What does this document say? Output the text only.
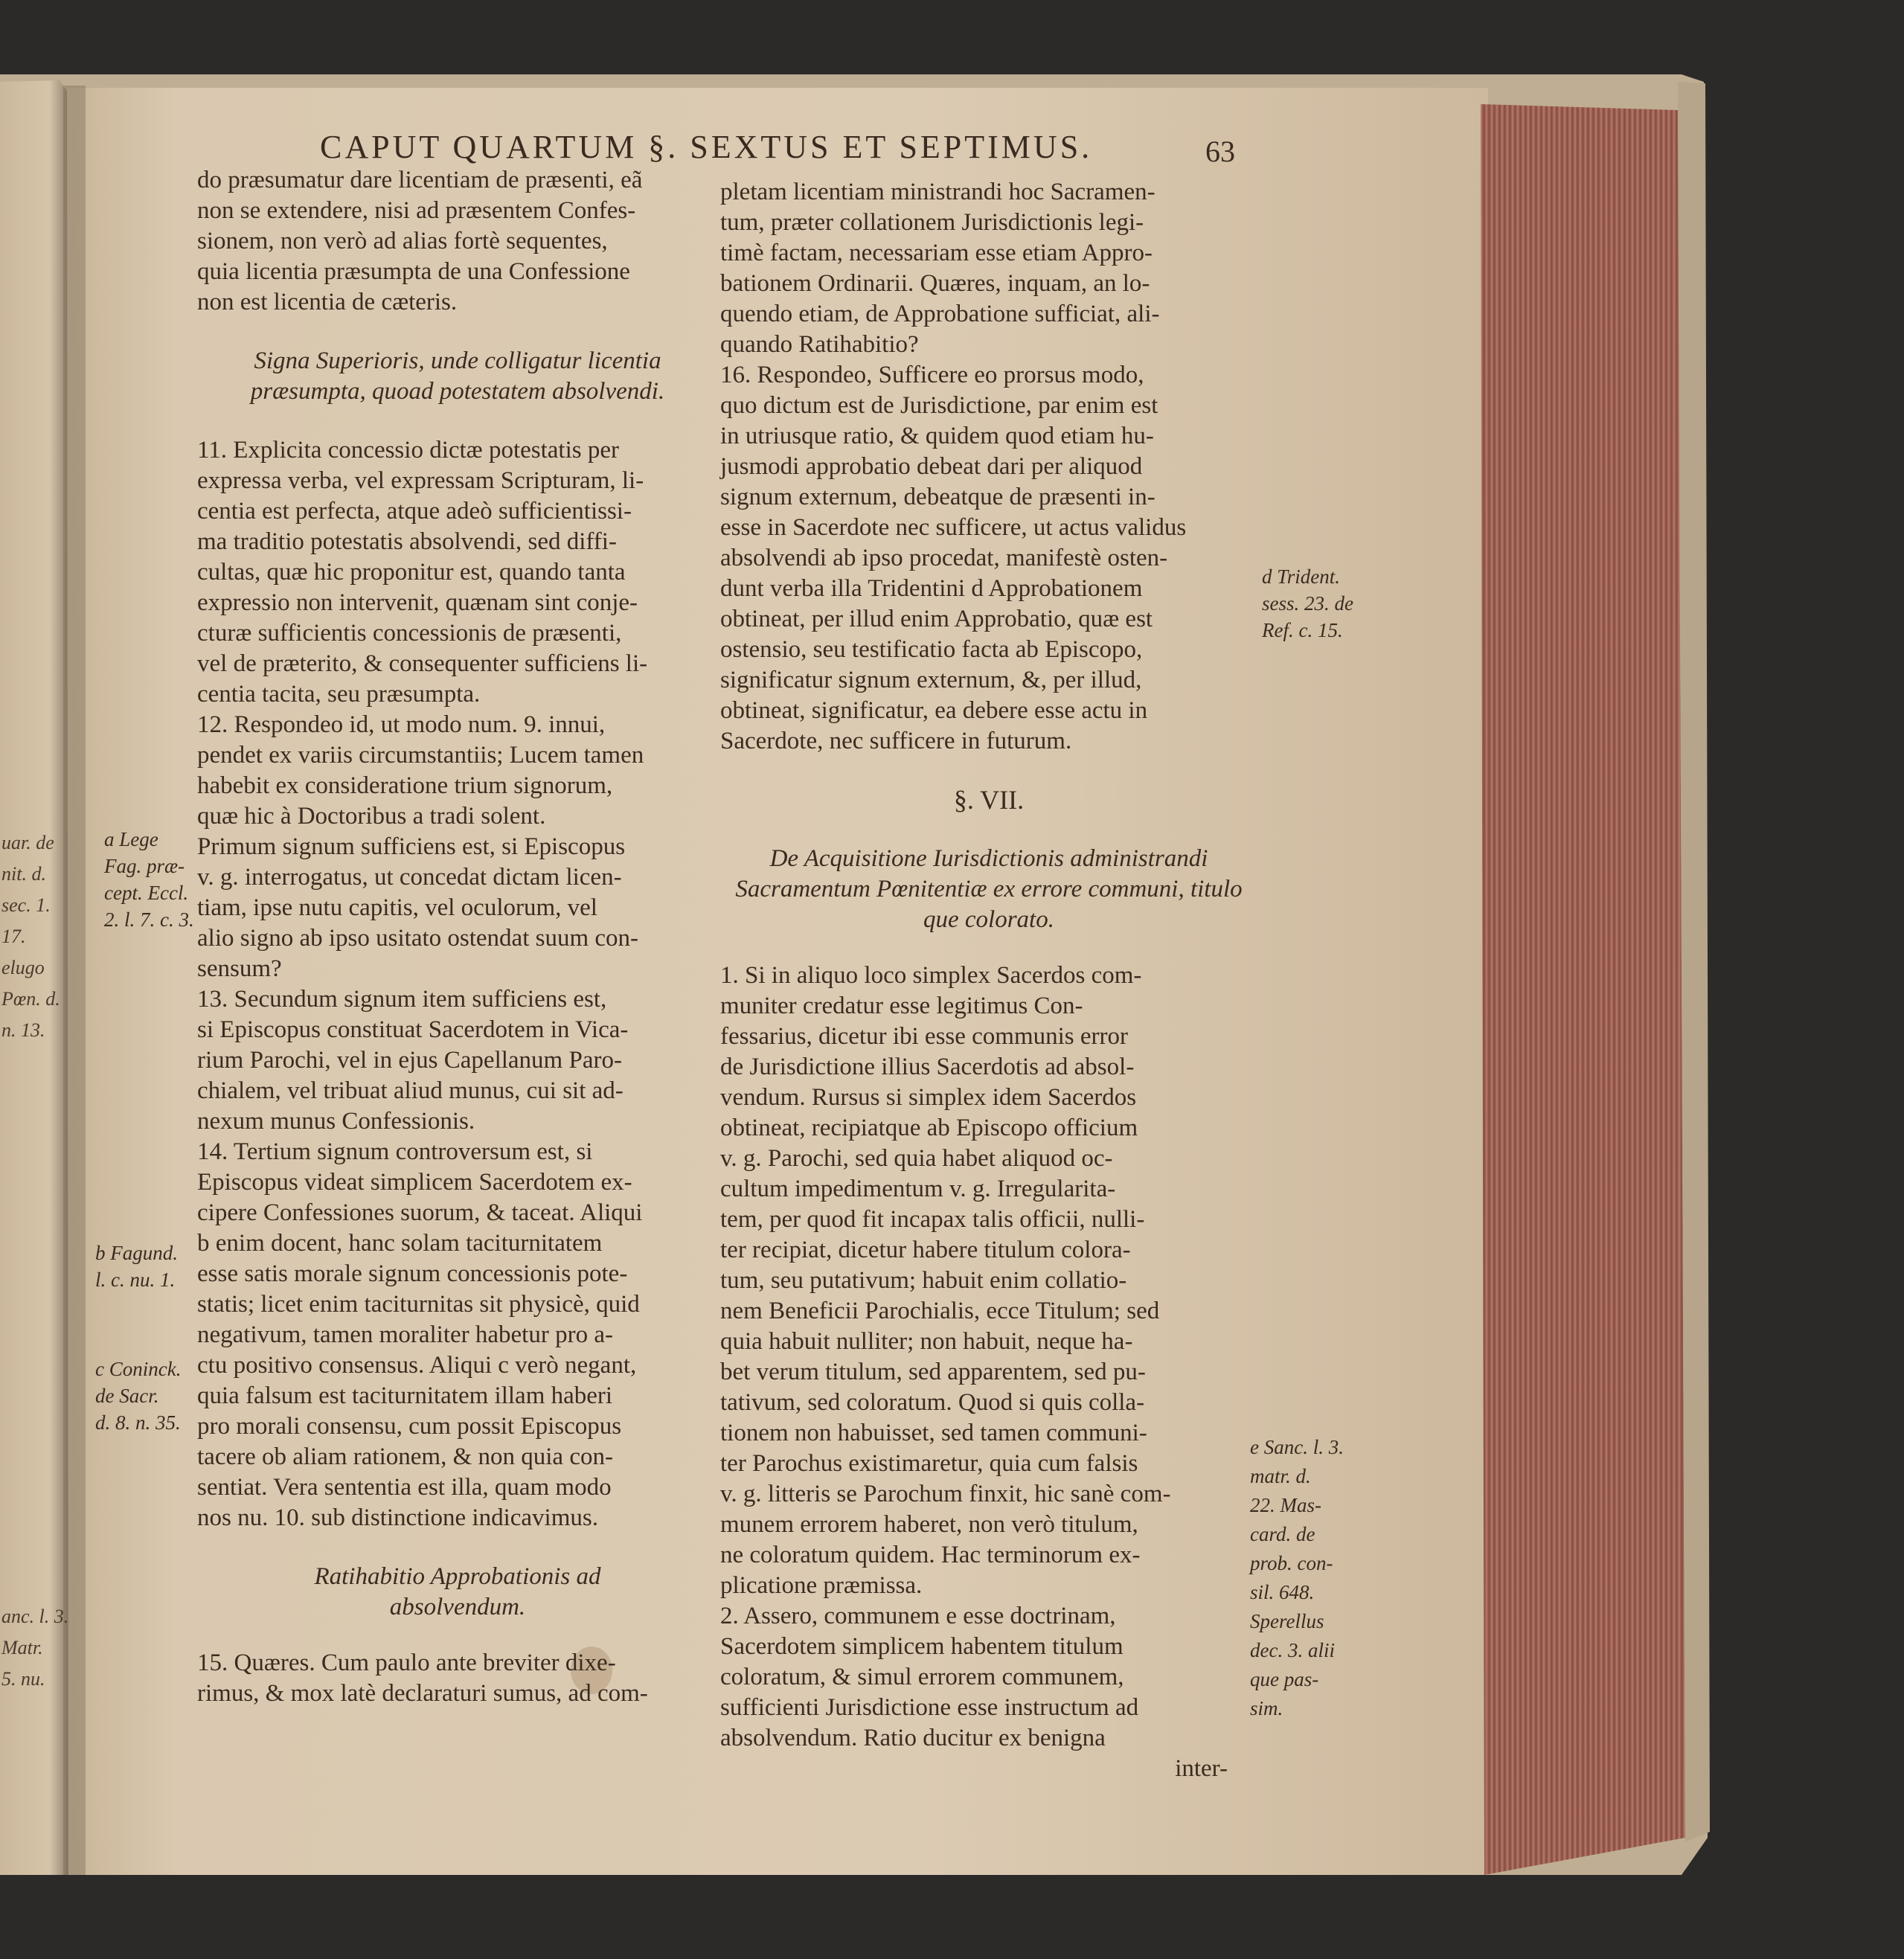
CAPUT QUARTUM §. SEXTUS ET SEPTIMUS.	63
do præsumatur dare licentiam de præsenti, eã
non se extendere, nisi ad præsentem Confes-
sionem, non verò ad alias fortè sequentes,
quia licentia præsumpta de una Confessione
non est licentia de cæteris.
Signa Superioris, unde colligatur licentia præsumpta, quoad potestatem absolvendi.
11. Explicita concessio dictæ potestatis per
expressa verba, vel expressam Scripturam, li-
centia est perfecta, atque adeò sufficientissi-
ma traditio potestatis absolvendi, sed diffi-
cultas, quæ hic proponitur est, quando tanta
expressio non intervenit, quænam sint conje-
cturæ sufficientis concessionis de præsenti,
vel de præterito, & consequenter sufficiens li-
centia tacita, seu præsumpta.
12. Respondeo id, ut modo num. 9. innui,
pendet ex variis circumstantiis; Lucem tamen
habebit ex consideratione trium signorum,
quæ hic à Doctoribus a tradi solent.
Primum signum sufficiens est, si Episcopus
v. g. interrogatus, ut concedat dictam licen-
tiam, ipse nutu capitis, vel oculorum, vel
alio signo ab ipso usitato ostendat suum con-
sensum?
13. Secundum signum item sufficiens est,
si Episcopus constituat Sacerdotem in Vica-
rium Parochi, vel in ejus Capellanum Paro-
chialem, vel tribuat aliud munus, cui sit ad-
nexum munus Confessionis.
14. Tertium signum controversum est, si
Episcopus videat simplicem Sacerdotem ex-
cipere Confessiones suorum, & taceat. Aliqui
b enim docent, hanc solam taciturnitatem
esse satis morale signum concessionis pote-
statis; licet enim taciturnitas sit physicè, quid
negativum, tamen moraliter habetur pro a-
ctu positivo consensus. Aliqui c verò negant,
quia falsum est taciturnitatem illam haberi
pro morali consensu, cum possit Episcopus
tacere ob aliam rationem, & non quia con-
sentiat. Vera sententia est illa, quam modo
nos nu. 10. sub distinctione indicavimus.
Ratihabitio Approbationis ad absolvendum.
15. Quæres. Cum paulo ante breviter dixe-
rimus, & mox latè declaraturi sumus, ad com-
pletam licentiam ministrandi hoc Sacramen-
tum, præter collationem Jurisdictionis legi-
timè factam, necessariam esse etiam Appro-
bationem Ordinarii. Quæres, inquam, an lo-
quendo etiam, de Approbatione sufficiat, ali-
quando Ratihabitio?
16. Respondeo, Sufficere eo prorsus modo,
quo dictum est de Jurisdictione, par enim est
in utriusque ratio, & quidem quod etiam hu-
jusmodi approbatio debeat dari per aliquod
signum externum, debeatque de præsenti in-
esse in Sacerdote nec sufficere, ut actus validus
absolvendi ab ipso procedat, manifestè osten-
dunt verba illa Tridentini d Approbationem
obtineat, per illud enim Approbatio, quæ est
ostensio, seu testificatio facta ab Episcopo,
significatur signum externum, &, per illud,
obtineat, significatur, ea debere esse actu in
Sacerdote, nec sufficere in futurum.
§. VII.
De Acquisitione Iurisdictionis administrandi Sacramentum Pœnitentiæ ex errore communi, titulo que colorato.
1. Si in aliquo loco simplex Sacerdos com-
muniter credatur esse legitimus Con-
fessarius, dicetur ibi esse communis error
de Jurisdictione illius Sacerdotis ad absol-
vendum. Rursus si simplex idem Sacerdos
obtineat, recipiatque ab Episcopo officium
v. g. Parochi, sed quia habet aliquod oc-
cultum impedimentum v. g. Irregularita-
tem, per quod fit incapax talis officii, nulli-
ter recipiat, dicetur habere titulum colora-
tum, seu putativum; habuit enim collatio-
nem Beneficii Parochialis, ecce Titulum; sed
quia habuit nulliter; non habuit, neque ha-
bet verum titulum, sed apparentem, sed pu-
tativum, sed coloratum. Quod si quis colla-
tionem non habuisset, sed tamen communi-
ter Parochus existimaretur, quia cum falsis
v. g. litteris se Parochum finxit, hic sanè com-
munem errorem haberet, non verò titulum,
ne coloratum quidem. Hac terminorum ex-
plicatione præmissa.
2. Assero, communem e esse doctrinam,
Sacerdotem simplicem habentem titulum
coloratum, & simul errorem communem,
sufficienti Jurisdictione esse instructum ad
absolvendum. Ratio ducitur ex benigna
inter-
a Lege
Fag. præ-
cept. Eccl.
2. l. 7. c. 3.
b Fagund.
l. c. nu. 1.
c Coninck.
de Sacr.
d. 8. n. 35.
d Trident.
sess. 23. de
Ref. c. 15.
e Sanc. l. 3.
matr. d.
22. Mas-
card. de
prob. con-
sil. 648.
Sperellus
dec. 3. alii
que pas-
sim.
uar. de
nit. d.
sec. 1.
17.
elugo
Pœn. d.
n. 13.
anc. l. 3.
Matr.
5. nu.
